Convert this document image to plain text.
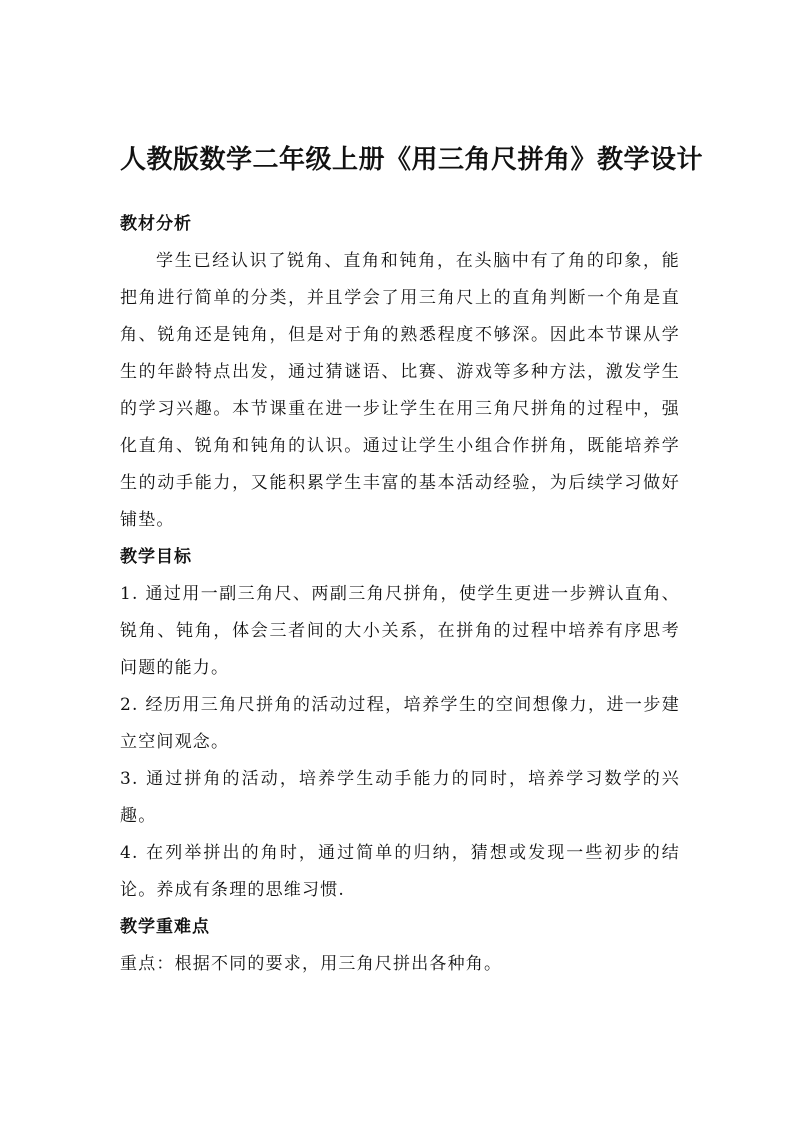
人教版数学二年级上册《用三角尺拼角》教学设计
教材分析

学生已经认识了锐角、直角和钝角，在头脑中有了角的印象，能把角进行简单的分类，并且学会了用三角尺上的直角判断一个角是直角、锐角还是钝角，但是对于角的熟悉程度不够深。因此本节课从学生的年龄特点出发，通过猜谜语、比赛、游戏等多种方法，激发学生的学习兴趣。本节课重在进一步让学生在用三角尺拼角的过程中，强化直角、锐角和钝角的认识。通过让学生小组合作拼角，既能培养学生的动手能力，又能积累学生丰富的基本活动经验，为后续学习做好铺垫。

教学目标

1. 通过用一副三角尺、两副三角尺拼角，使学生更进一步辨认直角、锐角、钝角，体会三者间的大小关系，在拼角的过程中培养有序思考问题的能力。

2. 经历用三角尺拼角的活动过程，培养学生的空间想像力，进一步建立空间观念。

3. 通过拼角的活动，培养学生动手能力的同时，培养学习数学的兴趣。

4. 在列举拼出的角时，通过简单的归纳，猜想或发现一些初步的结论。养成有条理的思维习惯.

教学重难点

重点：根据不同的要求，用三角尺拼出各种角。
